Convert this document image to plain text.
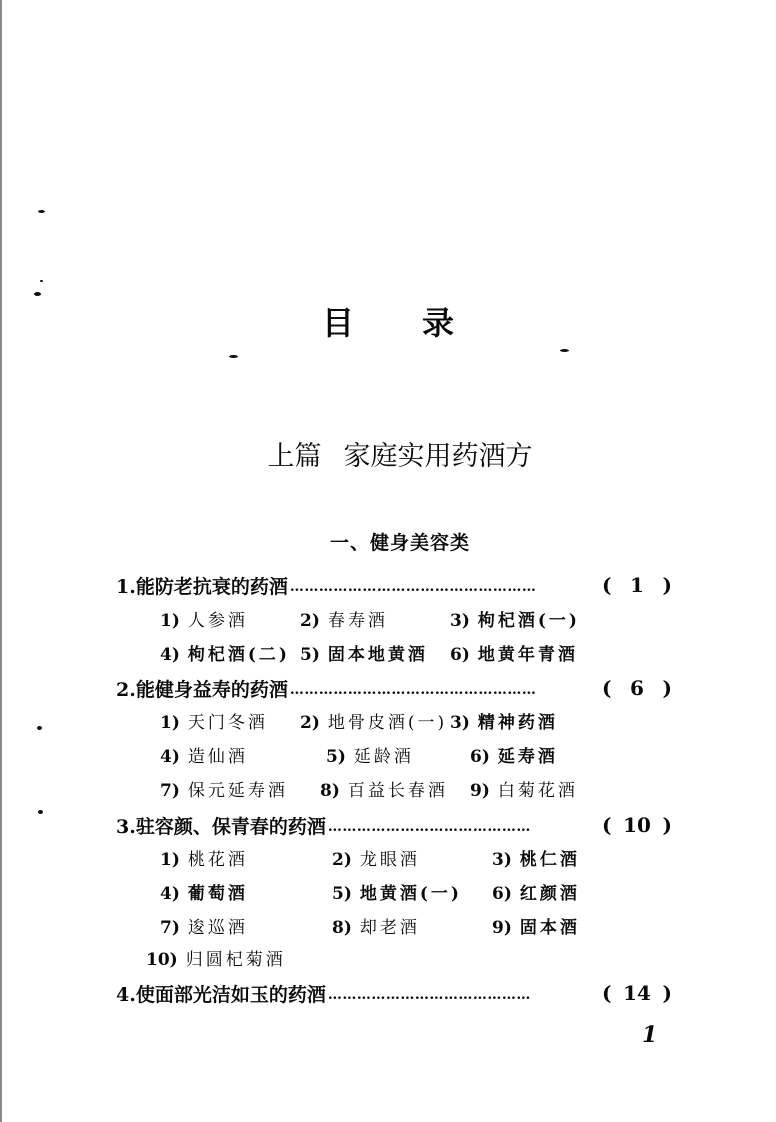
目 录
上篇 家庭实用药酒方
一、健身美容类
1.能防老抗衰的药酒 ……………………………………………	( 1 )
1) 人参酒	2) 春寿酒	3) 枸杞酒(一)
4) 枸杞酒(二) 5) 固本地黄酒 6) 地黄年青酒
2.能健身益寿的药酒 ……………………………………………	( 6 )
1) 天门冬酒 2) 地骨皮酒(一) 3) 精神药酒
4) 造仙酒	5) 延龄酒	6) 延寿酒
7) 保元延寿酒 8) 百益长春酒 9) 白菊花酒
3.驻容颜、保青春的药酒 ……………………………………	( 10 )
1) 桃花酒	2) 龙眼酒	3) 桃仁酒
4) 葡萄酒	5) 地黄酒(一) 6) 红颜酒
7) 逡巡酒	8) 却老酒	9) 固本酒
10) 归圆杞菊酒
4.使面部光洁如玉的药酒 ……………………………………	( 14 )
1
